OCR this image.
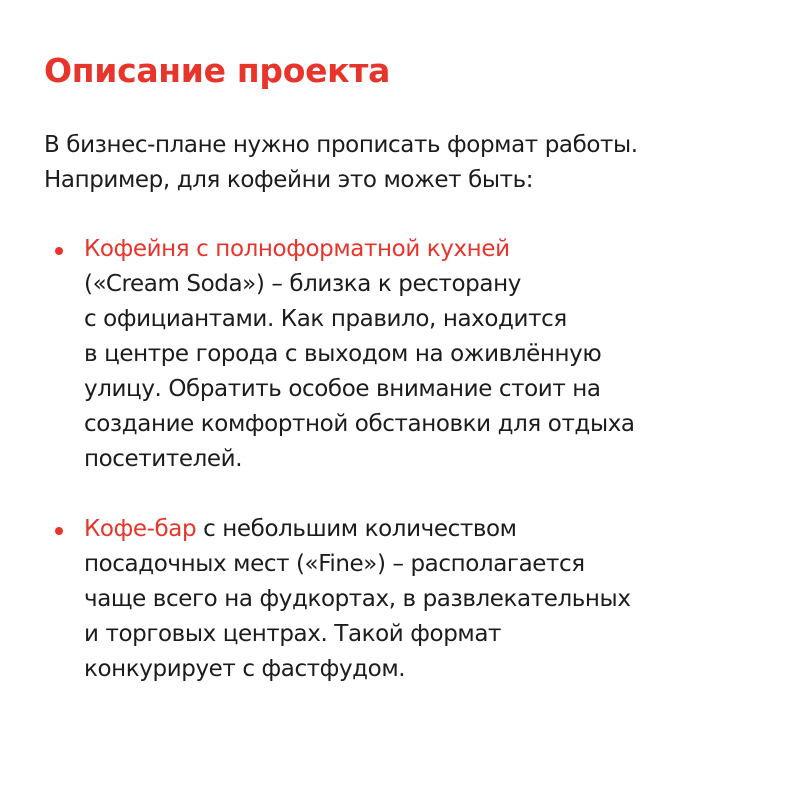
Описание проекта

В бизнес-плане нужно прописать формат работы.
Например, для кофейни это может быть:

Кофейня с полноформатной кухней
(«Cream Soda») – близка к ресторану
с официантами. Как правило, находится
в центре города с выходом на оживлённую
улицу. Обратить особое внимание стоит на
создание комфортной обстановки для отдыха
посетителей.
Кофе-бар с небольшим количеством
посадочных мест («Fine») – располагается
чаще всего на фудкортах, в развлекательных
и торговых центрах. Такой формат
конкурирует с фастфудом.
